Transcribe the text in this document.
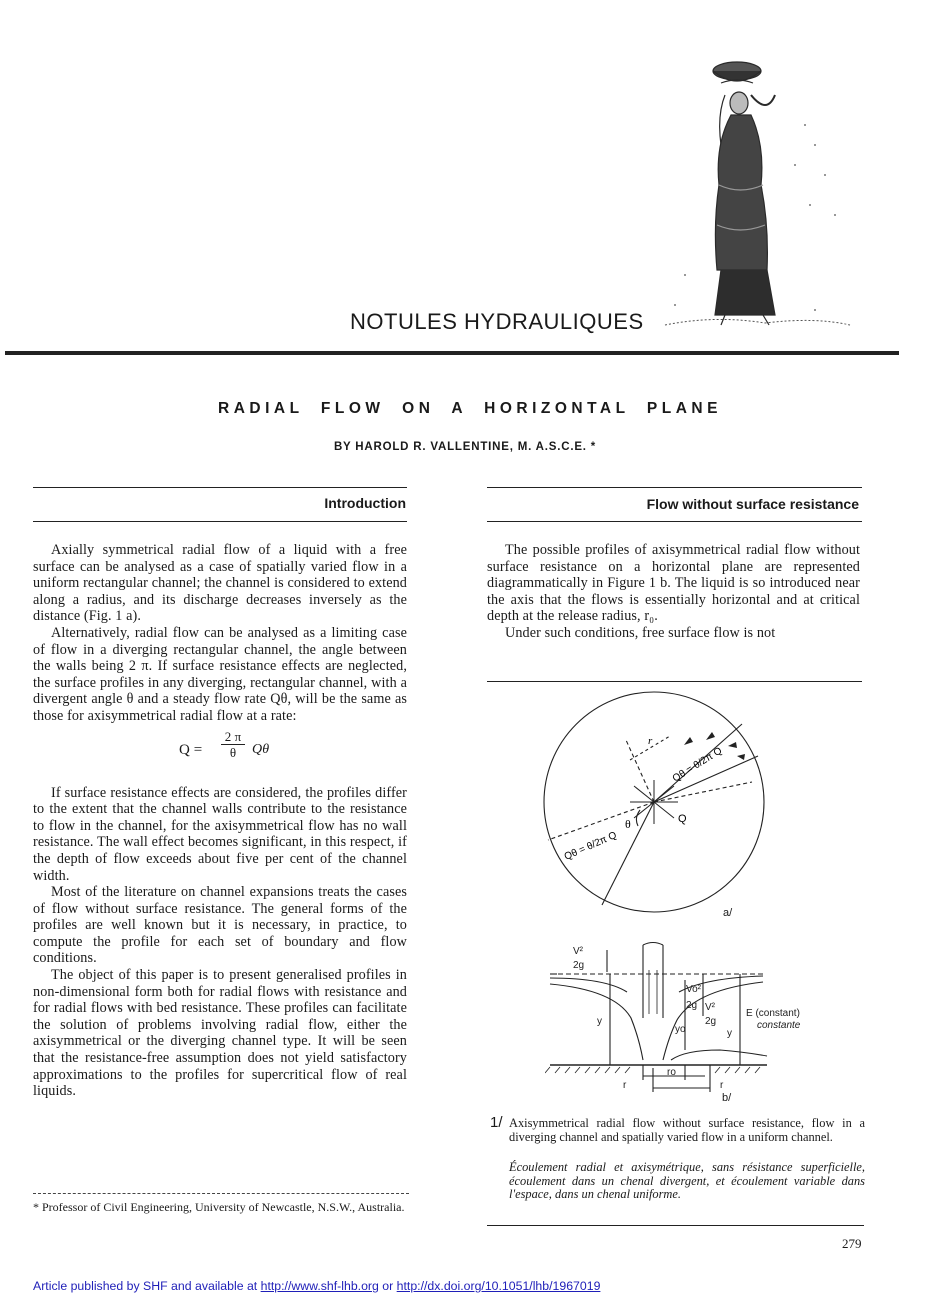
NOTULES HYDRAULIQUES
RADIAL  FLOW  ON  A  HORIZONTAL  PLANE
BY HAROLD R. VALLENTINE, M. A.S.C.E. *
Introduction

Axially symmetrical radial flow of a liquid with a free surface can be analysed as a case of spatially varied flow in a uniform rectangular channel; the channel is considered to extend along a radius, and its discharge decreases inversely as the distance (Fig. 1 a).

Alternatively, radial flow can be analysed as a limiting case of flow in a diverging rectangular channel, the angle between the walls being 2 π. If surface resistance effects are neglected, the surface profiles in any diverging, rectangular channel, with a divergent angle θ and a steady flow rate Qθ, will be the same as those for axisymmetrical radial flow at a rate:

$Q = \frac{2 \pi}{\theta}$ Qθ

If surface resistance effects are considered, the profiles differ to the extent that the channel walls contribute to the resistance to flow in the channel, for the axisymmetrical flow has no wall resistance. The wall effect becomes significant, in this respect, if the depth of flow exceeds about five per cent of the channel width.

Most of the literature on channel expansions treats the cases of flow without surface resistance. The general forms of the profiles are well known but it is necessary, in practice, to compute the profile for each set of boundary and flow conditions.

The object of this paper is to present generalised profiles in non-dimensional form both for radial flows with resistance and for radial flows with bed resistance. These profiles can facilitate the solution of problems involving radial flow, either the axisymmetrical or the diverging channel type. It will be seen that the resistance-free assumption does not yield satisfactory approximations to the profiles for supercritical flow of real liquids.

* Professor of Civil Engineering, University of Newcastle, N.S.W., Australia.
Flow without surface resistance

The possible profiles of axisymmetrical radial flow without surface resistance on a horizontal plane are represented diagrammatically in Figure 1 b. The liquid is so introduced near the axis that the flows is essentially horizontal and at critical depth at the release radius, r₀.

Under such conditions, free surface flow is not

Q
θ
r
Qθ = θ/2π Q
Qθ = θ/2π Q
a/
V²
2g
Vo²
2g V²
2g
y
yo	y
ro
r	r
E (constant)
constante
b/
1/ Axisymmetrical radial flow without surface resistance, flow in a diverging channel and spatially varied flow in a uniform channel.
Écoulement radial et axisymétrique, sans résistance superficielle, écoulement dans un chenal divergent, et écoulement variable dans l'espace, dans un chenal uniforme.
279
Article published by SHF and available at http://www.shf-lhb.org or http://dx.doi.org/10.1051/lhb/1967019
